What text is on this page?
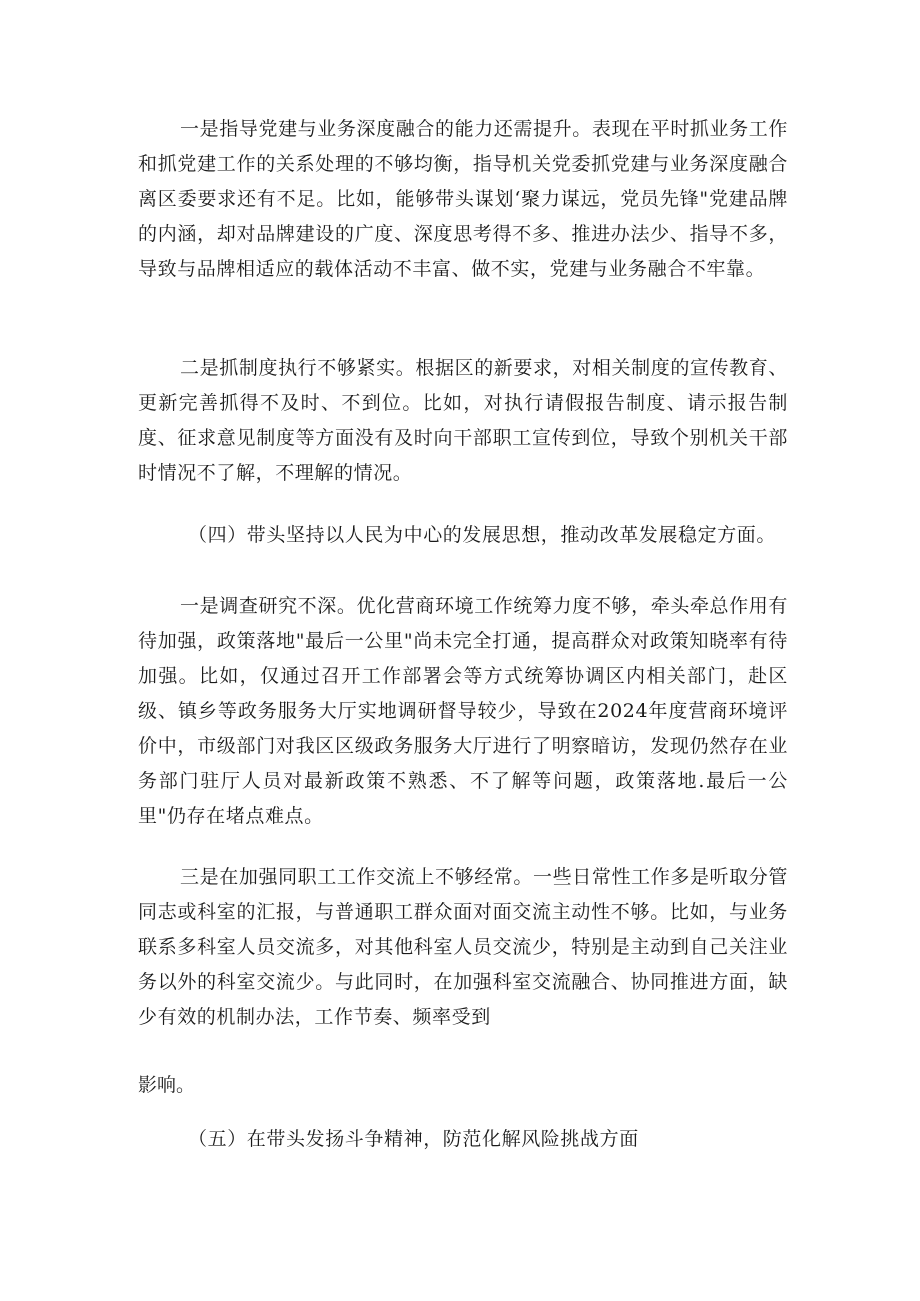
一是指导党建与业务深度融合的能力还需提升。表现在平时抓业务工作和抓党建工作的关系处理的不够均衡，指导机关党委抓党建与业务深度融合离区委要求还有不足。比如，能够带头谋划‘聚力谋远，党员先锋"党建品牌的内涵，却对品牌建设的广度、深度思考得不多、推进办法少、指导不多，导致与品牌相适应的载体活动不丰富、做不实，党建与业务融合不牢靠。

二是抓制度执行不够紧实。根据区的新要求，对相关制度的宣传教育、更新完善抓得不及时、不到位。比如，对执行请假报告制度、请示报告制度、征求意见制度等方面没有及时向干部职工宣传到位，导致个别机关干部时情况不了解，不理解的情况。

（四）带头坚持以人民为中心的发展思想，推动改革发展稳定方面。

一是调查研究不深。优化营商环境工作统筹力度不够，牵头牵总作用有待加强，政策落地"最后一公里"尚未完全打通，提高群众对政策知晓率有待加强。比如，仅通过召开工作部署会等方式统筹协调区内相关部门，赴区级、镇乡等政务服务大厅实地调研督导较少，导致在2024年度营商环境评价中，市级部门对我区区级政务服务大厅进行了明察暗访，发现仍然存在业务部门驻厅人员对最新政策不熟悉、不了解等问题，政策落地.最后一公里"仍存在堵点难点。

三是在加强同职工工作交流上不够经常。一些日常性工作多是听取分管同志或科室的汇报，与普通职工群众面对面交流主动性不够。比如，与业务联系多科室人员交流多，对其他科室人员交流少，特别是主动到自己关注业务以外的科室交流少。与此同时，在加强科室交流融合、协同推进方面，缺少有效的机制办法，工作节奏、频率受到

影响。

（五）在带头发扬斗争精神，防范化解风险挑战方面
